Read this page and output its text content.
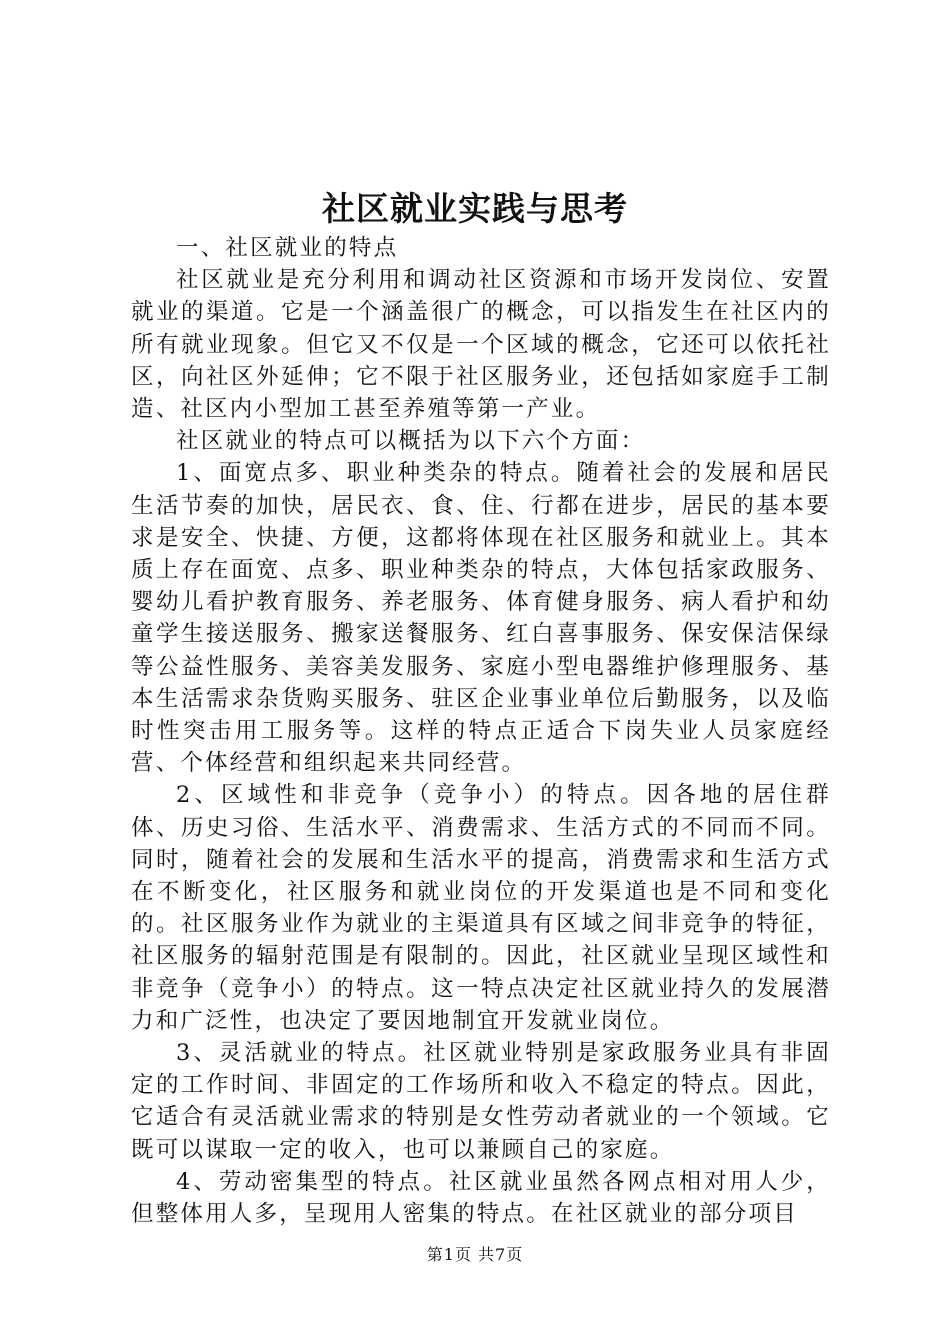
社区就业实践与思考

一、社区就业的特点

社区就业是充分利用和调动社区资源和市场开发岗位、安置就业的渠道。它是一个涵盖很广的概念，可以指发生在社区内的所有就业现象。但它又不仅是一个区域的概念，它还可以依托社区，向社区外延伸；它不限于社区服务业，还包括如家庭手工制造、社区内小型加工甚至养殖等第一产业。

社区就业的特点可以概括为以下六个方面：

1、面宽点多、职业种类杂的特点。随着社会的发展和居民生活节奏的加快，居民衣、食、住、行都在进步，居民的基本要求是安全、快捷、方便，这都将体现在社区服务和就业上。其本质上存在面宽、点多、职业种类杂的特点，大体包括家政服务、婴幼儿看护教育服务、养老服务、体育健身服务、病人看护和幼童学生接送服务、搬家送餐服务、红白喜事服务、保安保洁保绿等公益性服务、美容美发服务、家庭小型电器维护修理服务、基本生活需求杂货购买服务、驻区企业事业单位后勤服务，以及临时性突击用工服务等。这样的特点正适合下岗失业人员家庭经营、个体经营和组织起来共同经营。

2、区域性和非竞争（竞争小）的特点。因各地的居住群体、历史习俗、生活水平、消费需求、生活方式的不同而不同。同时，随着社会的发展和生活水平的提高，消费需求和生活方式在不断变化，社区服务和就业岗位的开发渠道也是不同和变化的。社区服务业作为就业的主渠道具有区域之间非竞争的特征，社区服务的辐射范围是有限制的。因此，社区就业呈现区域性和非竞争（竞争小）的特点。这一特点决定社区就业持久的发展潜力和广泛性，也决定了要因地制宜开发就业岗位。

3、灵活就业的特点。社区就业特别是家政服务业具有非固定的工作时间、非固定的工作场所和收入不稳定的特点。因此，它适合有灵活就业需求的特别是女性劳动者就业的一个领域。它既可以谋取一定的收入，也可以兼顾自己的家庭。

4、劳动密集型的特点。社区就业虽然各网点相对用人少，但整体用人多，呈现用人密集的特点。在社区就业的部分项目

第1页 共7页
